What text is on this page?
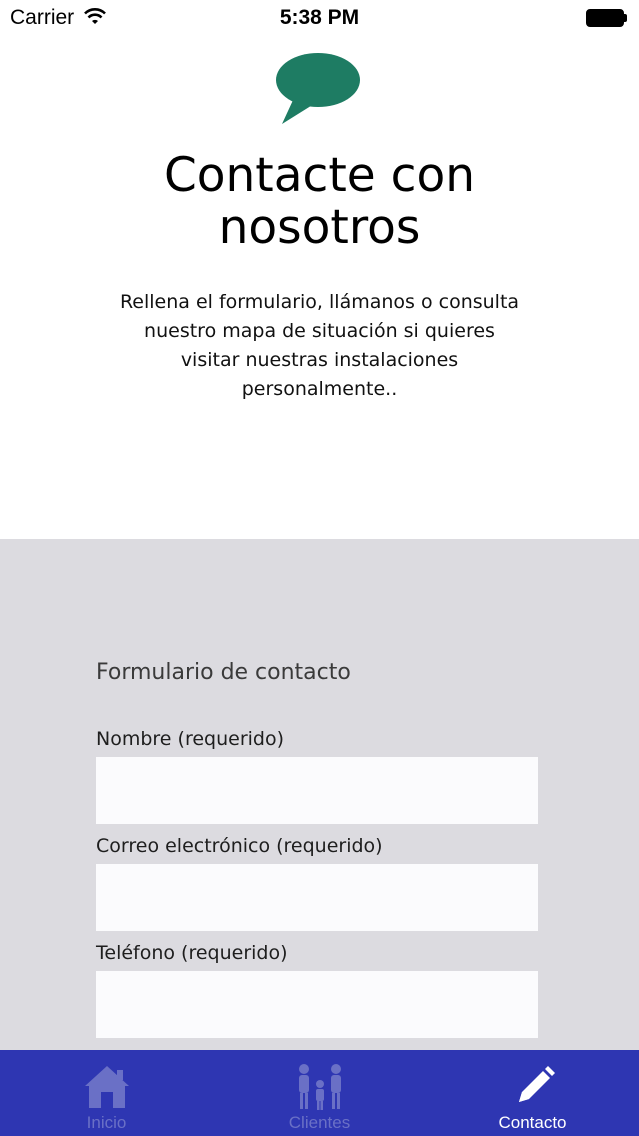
Carrier	5:38 PM
Contacte con
nosotros

Rellena el formulario, llámanos o consulta
nuestro mapa de situación si quieres
visitar nuestras instalaciones
personalmente..

Formulario de contacto
Nombre (requerido)
Correo electrónico (requerido)
Teléfono (requerido)
Inicio	Clientes	Contacto
